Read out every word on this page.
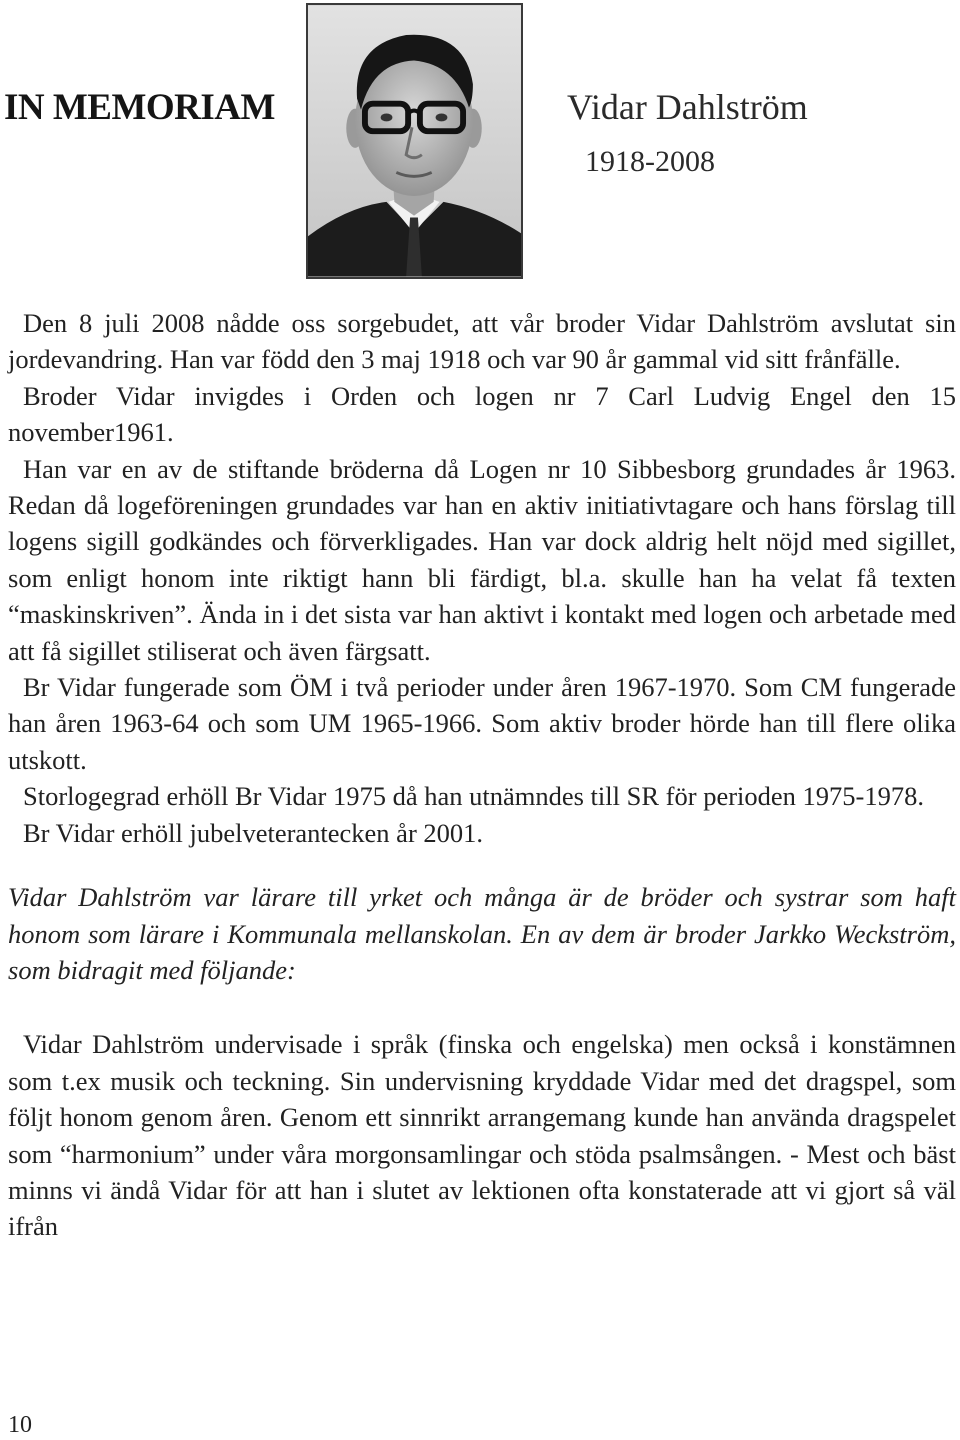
IN MEMORIAM	Vidar Dahlström
1918-2008

Den 8 juli 2008 nådde oss sorgebudet, att vår broder Vidar Dahlström avslutat sin jordevandring. Han var född den 3 maj 1918 och var 90 år gammal vid sitt frånfälle.

Broder Vidar invigdes i Orden och logen nr 7 Carl Ludvig Engel den 15 november1961.

Han var en av de stiftande bröderna då Logen nr 10 Sibbesborg grundades år 1963. Redan då logeföreningen grundades var han en aktiv initiativtagare och hans förslag till logens sigill godkändes och förverkligades. Han var dock aldrig helt nöjd med sigillet, som enligt honom inte riktigt hann bli färdigt, bl.a. skulle han ha velat få texten “maskinskriven”. Ända in i det sista var han aktivt i kontakt med logen och arbetade med att få sigillet stiliserat och även färgsatt.

Br Vidar fungerade som ÖM i två perioder under åren 1967-1970. Som CM fungerade han åren 1963-64 och som UM 1965-1966. Som aktiv broder hörde han till flere olika utskott.

Storlogegrad erhöll Br Vidar 1975 då han utnämndes till SR för perioden 1975-1978.

Br Vidar erhöll jubelveterantecken år 2001.

Vidar Dahlström var lärare till yrket och många är de bröder och systrar som haft honom som lärare i Kommunala mellanskolan. En av dem är broder Jarkko Weckström, som bidragit med följande:

Vidar Dahlström undervisade i språk (finska och engelska) men också i konstämnen som t.ex musik och teckning. Sin undervisning kryddade Vidar med det dragspel, som följt honom genom åren. Genom ett sinnrikt arrangemang kunde han använda dragspelet som “harmonium” under våra morgonsamlingar och stöda psalmsången. - Mest och bäst minns vi ändå Vidar för att han i slutet av lektionen ofta konstaterade att vi gjort så väl ifrån

10
